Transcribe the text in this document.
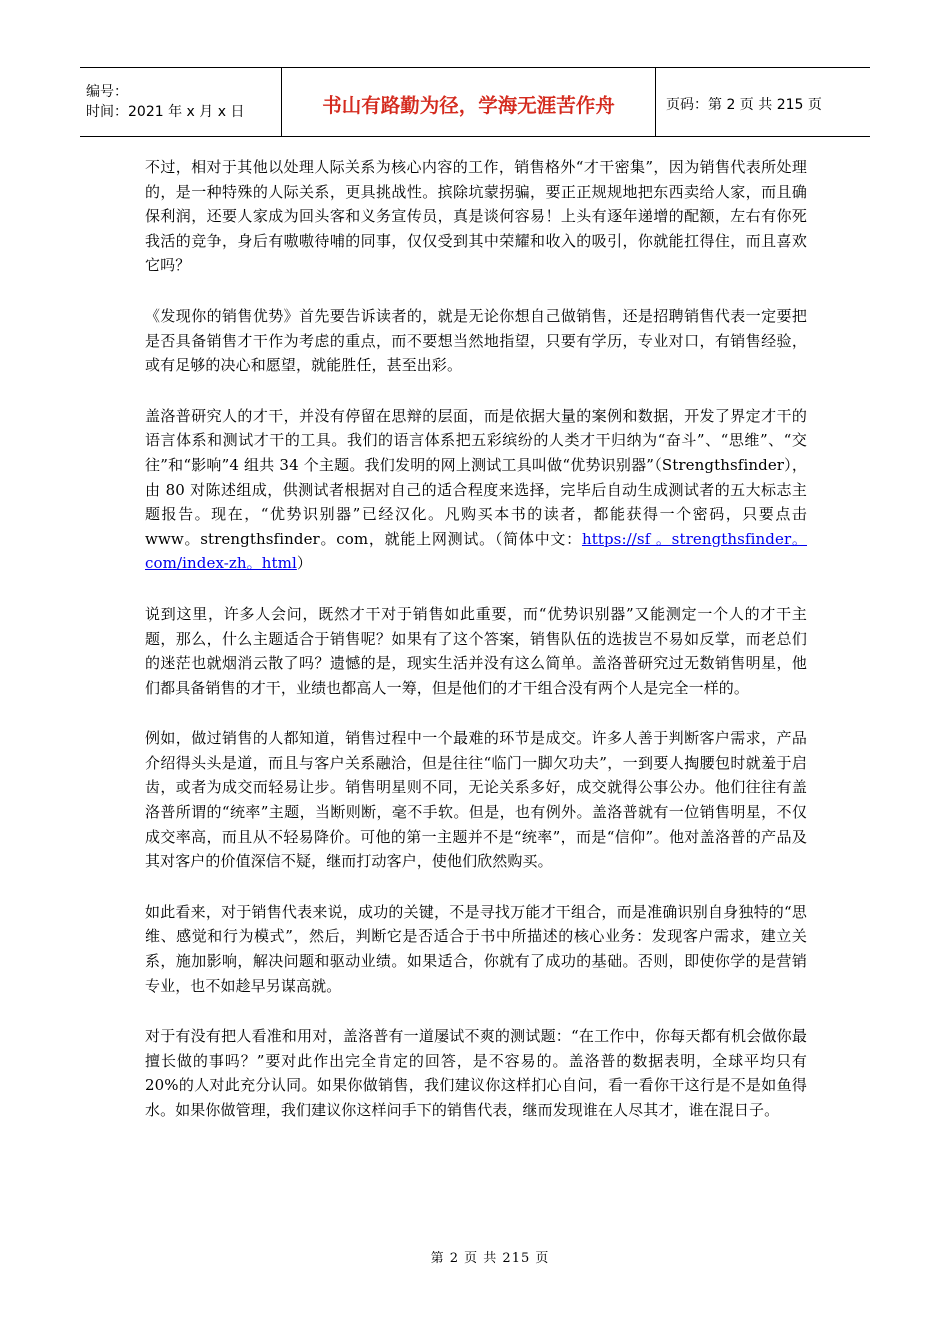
编号：
时间：2021 年 x 月 x 日	书山有路勤为径，学海无涯苦作舟	页码：第 2 页 共 215 页

不过，相对于其他以处理人际关系为核心内容的工作，销售格外“才干密集”，因为销售代表所处理的，是一种特殊的人际关系，更具挑战性。摈除坑蒙拐骗，要正正规规地把东西卖给人家，而且确保利润，还要人家成为回头客和义务宣传员，真是谈何容易！上头有逐年递增的配额，左右有你死我活的竞争，身后有嗷嗷待哺的同事，仅仅受到其中荣耀和收入的吸引，你就能扛得住，而且喜欢它吗？

《发现你的销售优势》首先要告诉读者的，就是无论你想自己做销售，还是招聘销售代表一定要把是否具备销售才干作为考虑的重点，而不要想当然地指望，只要有学历，专业对口，有销售经验，或有足够的决心和愿望，就能胜任，甚至出彩。

盖洛普研究人的才干，并没有停留在思辩的层面，而是依据大量的案例和数据，开发了界定才干的语言体系和测试才干的工具。我们的语言体系把五彩缤纷的人类才干归纳为“奋斗”、“思维”、“交往”和“影响”4 组共 34 个主题。我们发明的网上测试工具叫做“优势识别器”（Strengthsfinder），由 80 对陈述组成，供测试者根据对自己的适合程度来选择，完毕后自动生成测试者的五大标志主题报告。现在，“优势识别器”已经汉化。凡购买本书的读者，都能获得一个密码，只要点击 www。strengthsfinder。com，就能上网测试。（简体中文：https://sf 。strengthsfinder。com/index-zh。html）

说到这里，许多人会问，既然才干对于销售如此重要，而“优势识别器”又能测定一个人的才干主题，那么，什么主题适合于销售呢？如果有了这个答案，销售队伍的选拔岂不易如反掌，而老总们的迷茫也就烟消云散了吗？遗憾的是，现实生活并没有这么简单。盖洛普研究过无数销售明星，他们都具备销售的才干，业绩也都高人一筹，但是他们的才干组合没有两个人是完全一样的。

例如，做过销售的人都知道，销售过程中一个最难的环节是成交。许多人善于判断客户需求，产品介绍得头头是道，而且与客户关系融洽，但是往往“临门一脚欠功夫”，一到要人掏腰包时就羞于启齿，或者为成交而轻易让步。销售明星则不同，无论关系多好，成交就得公事公办。他们往往有盖洛普所谓的“统率”主题，当断则断，毫不手软。但是，也有例外。盖洛普就有一位销售明星，不仅成交率高，而且从不轻易降价。可他的第一主题并不是“统率”，而是“信仰”。他对盖洛普的产品及其对客户的价值深信不疑，继而打动客户，使他们欣然购买。

如此看来，对于销售代表来说，成功的关键，不是寻找万能才干组合，而是准确识别自身独特的“思维、感觉和行为模式”，然后，判断它是否适合于书中所描述的核心业务：发现客户需求，建立关系，施加影响，解决问题和驱动业绩。如果适合，你就有了成功的基础。否则，即使你学的是营销专业，也不如趁早另谋高就。

对于有没有把人看准和用对，盖洛普有一道屡试不爽的测试题：“在工作中，你每天都有机会做你最擅长做的事吗？”要对此作出完全肯定的回答，是不容易的。盖洛普的数据表明，全球平均只有 20%的人对此充分认同。如果你做销售，我们建议你这样扪心自问，看一看你干这行是不是如鱼得水。如果你做管理，我们建议你这样问手下的销售代表，继而发现谁在人尽其才，谁在混日子。

第 2 页 共 215 页
